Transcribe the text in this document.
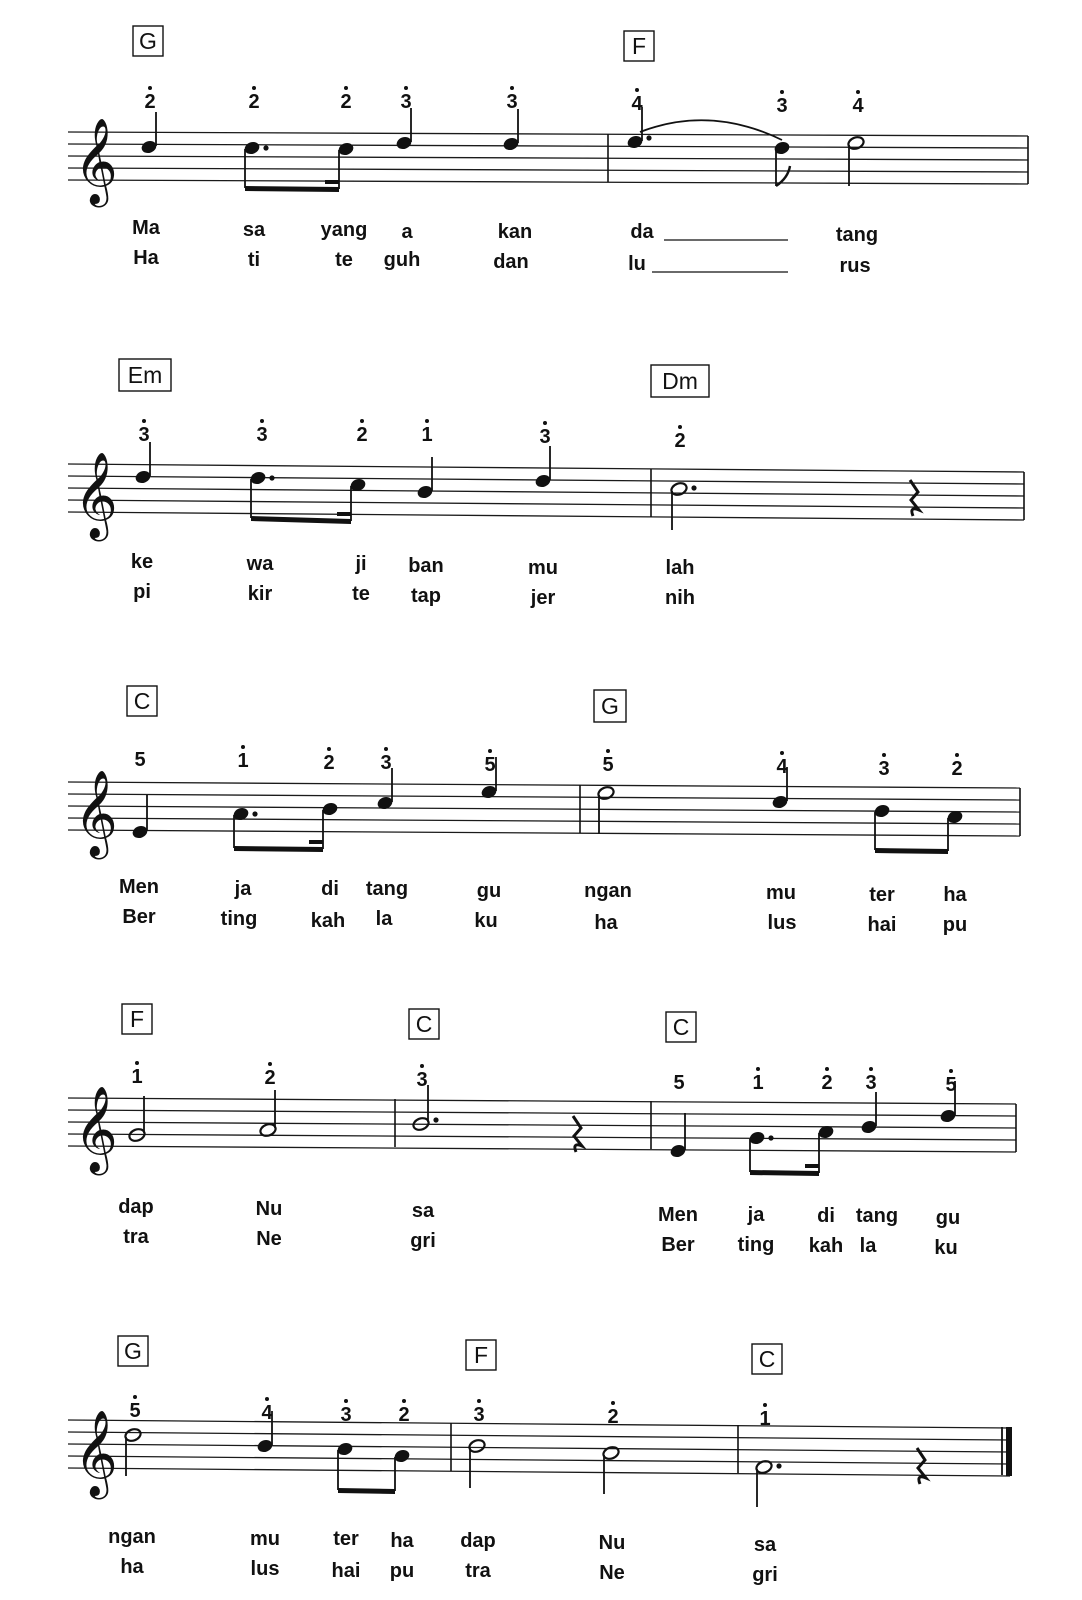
𝄞
G	F
2	2	2 3	3	4	3	4
Ma	sa	yang a	kan	da	tang
Ha	ti	te guh	dan	lu	rus
𝄞
Em	Dm
3	3	2	1	3	2
ke	wa	ji ban	mu	lah
pi	kir	te tap	jer	nih
𝄞
C	G
5	1	2 3	5	5	4	3	2
Men	ja	di tang	gu	ngan	mu	ter ha
Ber	ting	kah la	ku	ha	lus	hai pu
𝄞
F	C	C
1	2	3	5	1	2 3	5
dap	Nu	sa	Men ja	di tang gu
tra	Ne	gri	Ber ting kah la	ku
𝄞
G	F	C
5	4	3 2	3	2	1
ngan	mu	ter ha dap	Nu	sa
ha	lus	hai pu	tra	Ne	gri
